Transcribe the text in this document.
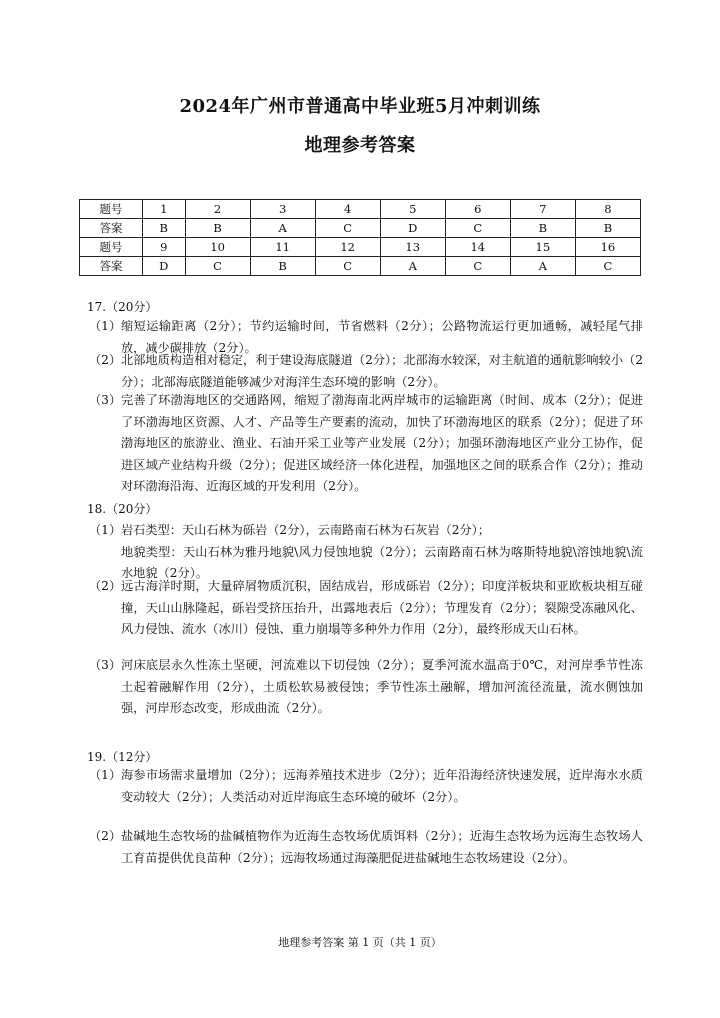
2024年广州市普通高中毕业班5月冲刺训练
地理参考答案
题号	1	2	3	4	5	6	7	8
答案	B	B	A	C	D	C	B	B
题号	9	10	11	12	13	14	15	16
答案	D	C	B	C	A	C	A	C
17.（20分）
（1） 缩短运输距离（2分）；节约运输时间，节省燃料（2分）；公路物流运行更加通畅，减轻尾气排放，减少碳排放（2分）。
（2） 北部地质构造相对稳定，利于建设海底隧道（2分）；北部海水较深，对主航道的通航影响较小（2分）；北部海底隧道能够减少对海洋生态环境的影响（2分）。
（3） 完善了环渤海地区的交通路网，缩短了渤海南北两岸城市的运输距离（时间、成本（2分）；促进了环渤海地区资源、人才、产品等生产要素的流动，加快了环渤海地区的联系（2分）；促进了环渤海地区的旅游业、渔业、石油开采工业等产业发展（2分）；加强环渤海地区产业分工协作，促进区域产业结构升级（2分）；促进区域经济一体化进程，加强地区之间的联系合作（2分）；推动对环渤海沿海、近海区域的开发利用（2分）。
18.（20分）
（1） 岩石类型：天山石林为砾岩（2分），云南路南石林为石灰岩（2分）；
地貌类型：天山石林为雅丹地貌\风力侵蚀地貌（2分）；云南路南石林为喀斯特地貌\溶蚀地貌\流水地貌（2分）。
（2） 远古海洋时期，大量碎屑物质沉积，固结成岩，形成砾岩（2分）；印度洋板块和亚欧板块相互碰撞，天山山脉隆起，砾岩受挤压抬升，出露地表后（2分）；节理发育（2分）；裂隙受冻融风化、风力侵蚀、流水（冰川）侵蚀、重力崩塌等多种外力作用（2分），最终形成天山石林。
（3） 河床底层永久性冻土坚硬，河流难以下切侵蚀（2分）；夏季河流水温高于0℃，对河岸季节性冻土起着融解作用（2分），土质松软易被侵蚀；季节性冻土融解，增加河流径流量，流水侧蚀加强，河岸形态改变，形成曲流（2分）。
19.（12分）
（1） 海参市场需求量增加（2分）；远海养殖技术进步（2分）；近年沿海经济快速发展，近岸海水水质变动较大（2分）；人类活动对近岸海底生态环境的破坏（2分）。
（2） 盐碱地生态牧场的盐碱植物作为近海生态牧场优质饵料（2分）；近海生态牧场为远海生态牧场人工育苗提供优良苗种（2分）；远海牧场通过海藻肥促进盐碱地生态牧场建设（2分）。
地理参考答案 第 1 页（共 1 页）
